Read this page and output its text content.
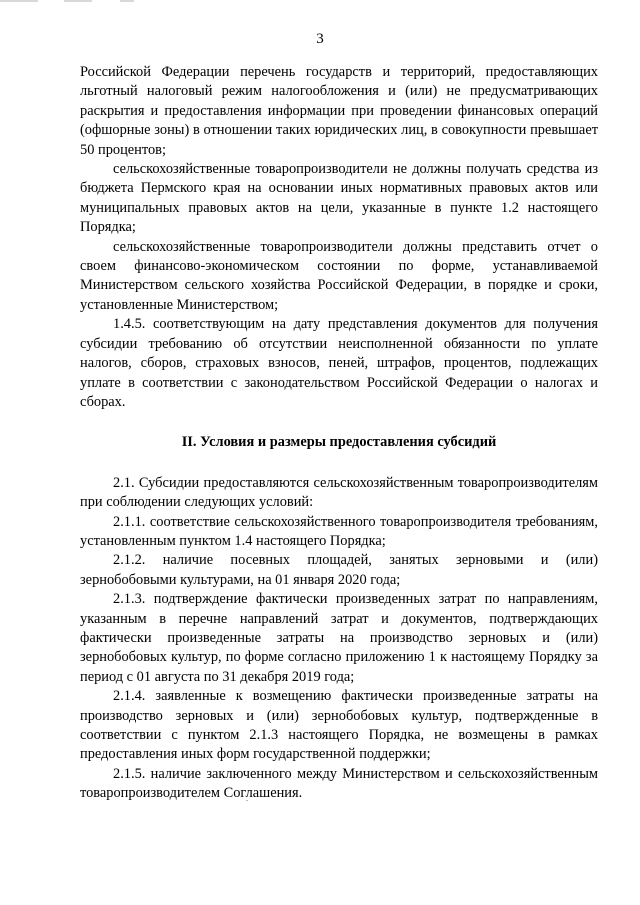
3

Российской Федерации перечень государств и территорий, предоставляющих льготный налоговый режим налогообложения и (или) не предусматривающих раскрытия и предоставления информации при проведении финансовых операций (офшорные зоны) в отношении таких юридических лиц, в совокупности превышает 50 процентов;

сельскохозяйственные товаропроизводители не должны получать средства из бюджета Пермского края на основании иных нормативных правовых актов или муниципальных правовых актов на цели, указанные в пункте 1.2 настоящего Порядка;

сельскохозяйственные товаропроизводители должны представить отчет о своем финансово-экономическом состоянии по форме, устанавливаемой Министерством сельского хозяйства Российской Федерации, в порядке и сроки, установленные Министерством;

1.4.5. соответствующим на дату представления документов для получения субсидии требованию об отсутствии неисполненной обязанности по уплате налогов, сборов, страховых взносов, пеней, штрафов, процентов, подлежащих уплате в соответствии с законодательством Российской Федерации о налогах и сборах.

II. Условия и размеры предоставления субсидий

2.1. Субсидии предоставляются сельскохозяйственным товаропроизводителям при соблюдении следующих условий:

2.1.1. соответствие сельскохозяйственного товаропроизводителя требованиям, установленным пунктом 1.4 настоящего Порядка;

2.1.2. наличие посевных площадей, занятых зерновыми и (или) зернобобовыми культурами, на 01 января 2020 года;

2.1.3. подтверждение фактически произведенных затрат по направлениям, указанным в перечне направлений затрат и документов, подтверждающих фактически произведенные затраты на производство зерновых и (или) зернобобовых культур, по форме согласно приложению 1 к настоящему Порядку за период с 01 августа по 31 декабря 2019 года;

2.1.4. заявленные к возмещению фактически произведенные затраты на производство зерновых и (или) зернобобовых культур, подтвержденные в соответствии с пунктом 2.1.3 настоящего Порядка, не возмещены в рамках предоставления иных форм государственной поддержки;

2.1.5. наличие заключенного между Министерством и сельскохозяйственным товаропроизводителем Соглашения.
